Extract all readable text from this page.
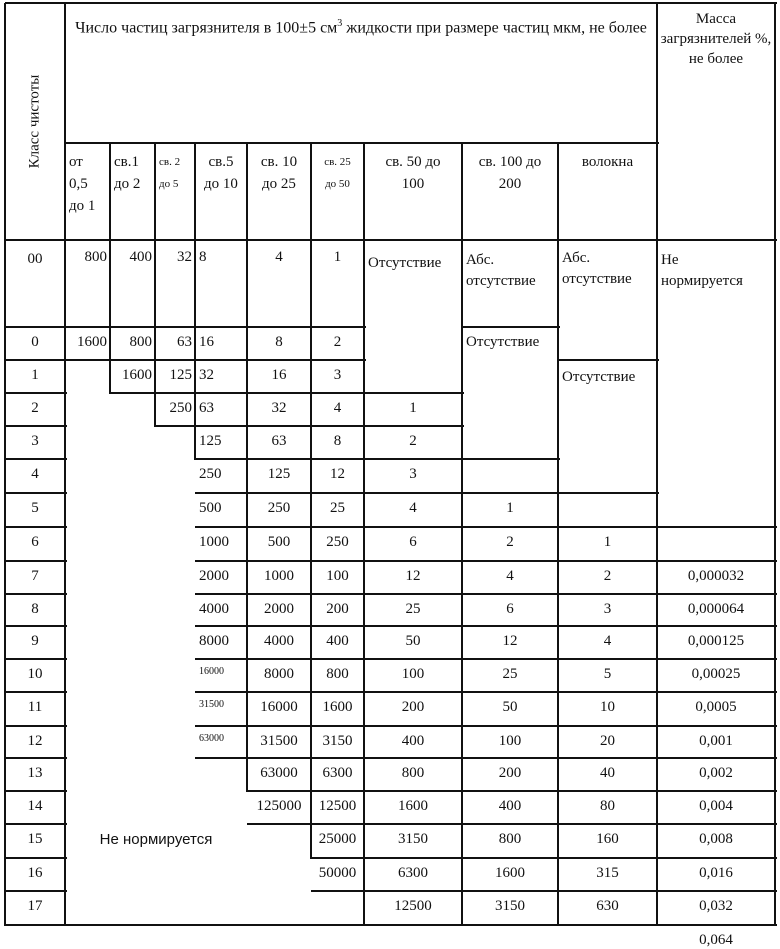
Класс чистоты
Число частиц загрязнителя в 100±5 $см^3$ жидкости при размере частиц мкм, не более
Масса загрязнителей %, не более
от
0,5
до 1
св.1
до 2
св. 2
до 5
св.5
до 10
св. 10
до 25
св. 25
до 50
св. 50 до
100
св. 100 до
200
волокна
00
0
1
2
3
4
5
6
7
8
9
10
11
12
13
14
15
16
17
800
1600
400
800
1600
32
63
125
250
8
16
32
63
125
250
500
1000
2000
4000
8000
16000
31500
63000
4
8
16
32
63
125
250
500
1000
2000
4000
8000
16000
31500
63000
125000
1
2
3
4
8
12
25
250
100
200
400
800
1600
3150
6300
12500
25000
50000
Отсутствие
1
2
3
4
6
12
25
50
100
200
400
800
1600
3150
6300
12500
Абс.
отсутствие
Отсутствие
1
2
4
6
12
25
50
100
200
400
800
1600
3150
Абс.
отсутствие
Отсутствие
1
2
3
4
5
10
20
40
80
160
315
630
Не
нормируется
0,000032
0,000064
0,000125
0,00025
0,0005
0,001
0,002
0,004
0,008
0,016
0,032
0,064
Не нормируется
